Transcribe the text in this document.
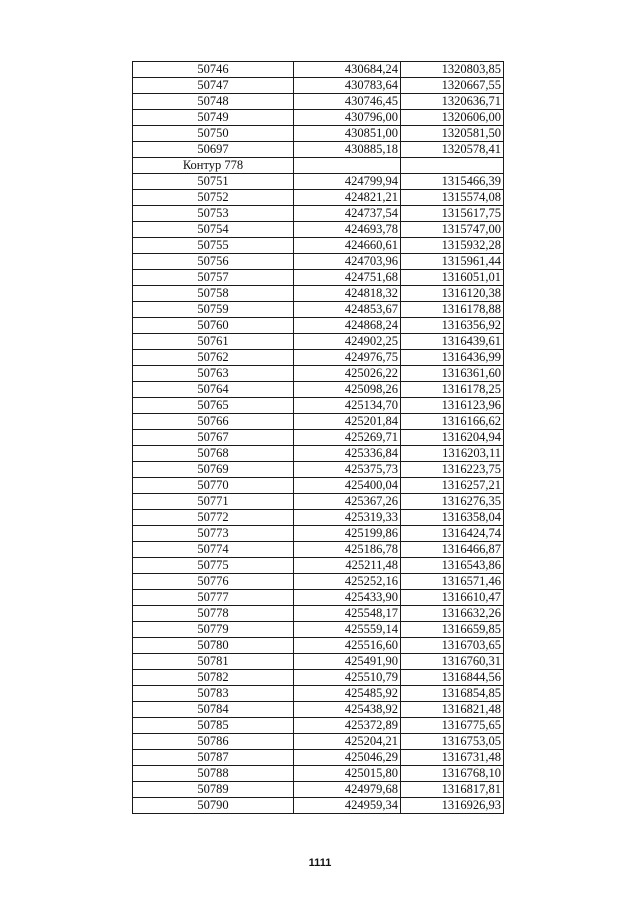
50746	430684,24	1320803,85
50747	430783,64	1320667,55
50748	430746,45	1320636,71
50749	430796,00	1320606,00
50750	430851,00	1320581,50
50697	430885,18	1320578,41
Контур 778		
50751	424799,94	1315466,39
50752	424821,21	1315574,08
50753	424737,54	1315617,75
50754	424693,78	1315747,00
50755	424660,61	1315932,28
50756	424703,96	1315961,44
50757	424751,68	1316051,01
50758	424818,32	1316120,38
50759	424853,67	1316178,88
50760	424868,24	1316356,92
50761	424902,25	1316439,61
50762	424976,75	1316436,99
50763	425026,22	1316361,60
50764	425098,26	1316178,25
50765	425134,70	1316123,96
50766	425201,84	1316166,62
50767	425269,71	1316204,94
50768	425336,84	1316203,11
50769	425375,73	1316223,75
50770	425400,04	1316257,21
50771	425367,26	1316276,35
50772	425319,33	1316358,04
50773	425199,86	1316424,74
50774	425186,78	1316466,87
50775	425211,48	1316543,86
50776	425252,16	1316571,46
50777	425433,90	1316610,47
50778	425548,17	1316632,26
50779	425559,14	1316659,85
50780	425516,60	1316703,65
50781	425491,90	1316760,31
50782	425510,79	1316844,56
50783	425485,92	1316854,85
50784	425438,92	1316821,48
50785	425372,89	1316775,65
50786	425204,21	1316753,05
50787	425046,29	1316731,48
50788	425015,80	1316768,10
50789	424979,68	1316817,81
50790	424959,34	1316926,93
1111
